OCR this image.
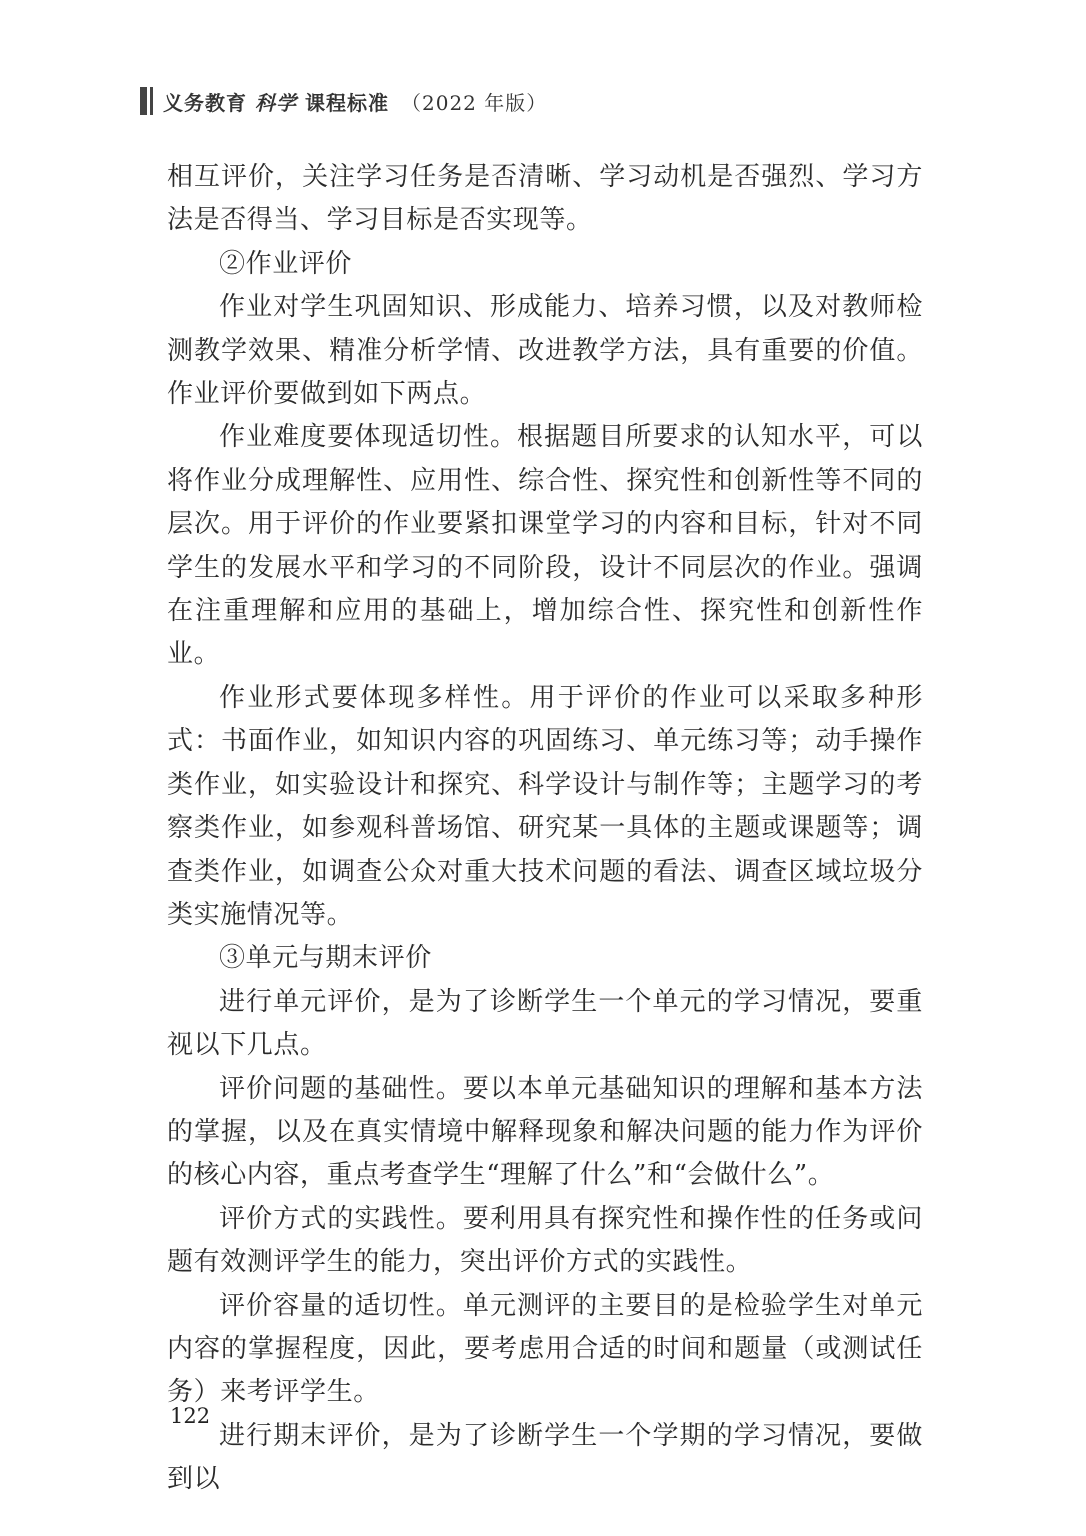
义务教育 科学 课程标准 （2022 年版）

相互评价，关注学习任务是否清晰、学习动机是否强烈、学习方法是否得当、学习目标是否实现等。

②作业评价

作业对学生巩固知识、形成能力、培养习惯，以及对教师检测教学效果、精准分析学情、改进教学方法，具有重要的价值。作业评价要做到如下两点。

作业难度要体现适切性。根据题目所要求的认知水平，可以将作业分成理解性、应用性、综合性、探究性和创新性等不同的层次。用于评价的作业要紧扣课堂学习的内容和目标，针对不同学生的发展水平和学习的不同阶段，设计不同层次的作业。强调在注重理解和应用的基础上，增加综合性、探究性和创新性作业。

作业形式要体现多样性。用于评价的作业可以采取多种形式：书面作业，如知识内容的巩固练习、单元练习等；动手操作类作业，如实验设计和探究、科学设计与制作等；主题学习的考察类作业，如参观科普场馆、研究某一具体的主题或课题等；调查类作业，如调查公众对重大技术问题的看法、调查区域垃圾分类实施情况等。

③单元与期末评价

进行单元评价，是为了诊断学生一个单元的学习情况，要重视以下几点。

评价问题的基础性。要以本单元基础知识的理解和基本方法的掌握，以及在真实情境中解释现象和解决问题的能力作为评价的核心内容，重点考查学生“理解了什么”和“会做什么”。

评价方式的实践性。要利用具有探究性和操作性的任务或问题有效测评学生的能力，突出评价方式的实践性。

评价容量的适切性。单元测评的主要目的是检验学生对单元内容的掌握程度，因此，要考虑用合适的时间和题量（或测试任务）来考评学生。

进行期末评价，是为了诊断学生一个学期的学习情况，要做到以

122
